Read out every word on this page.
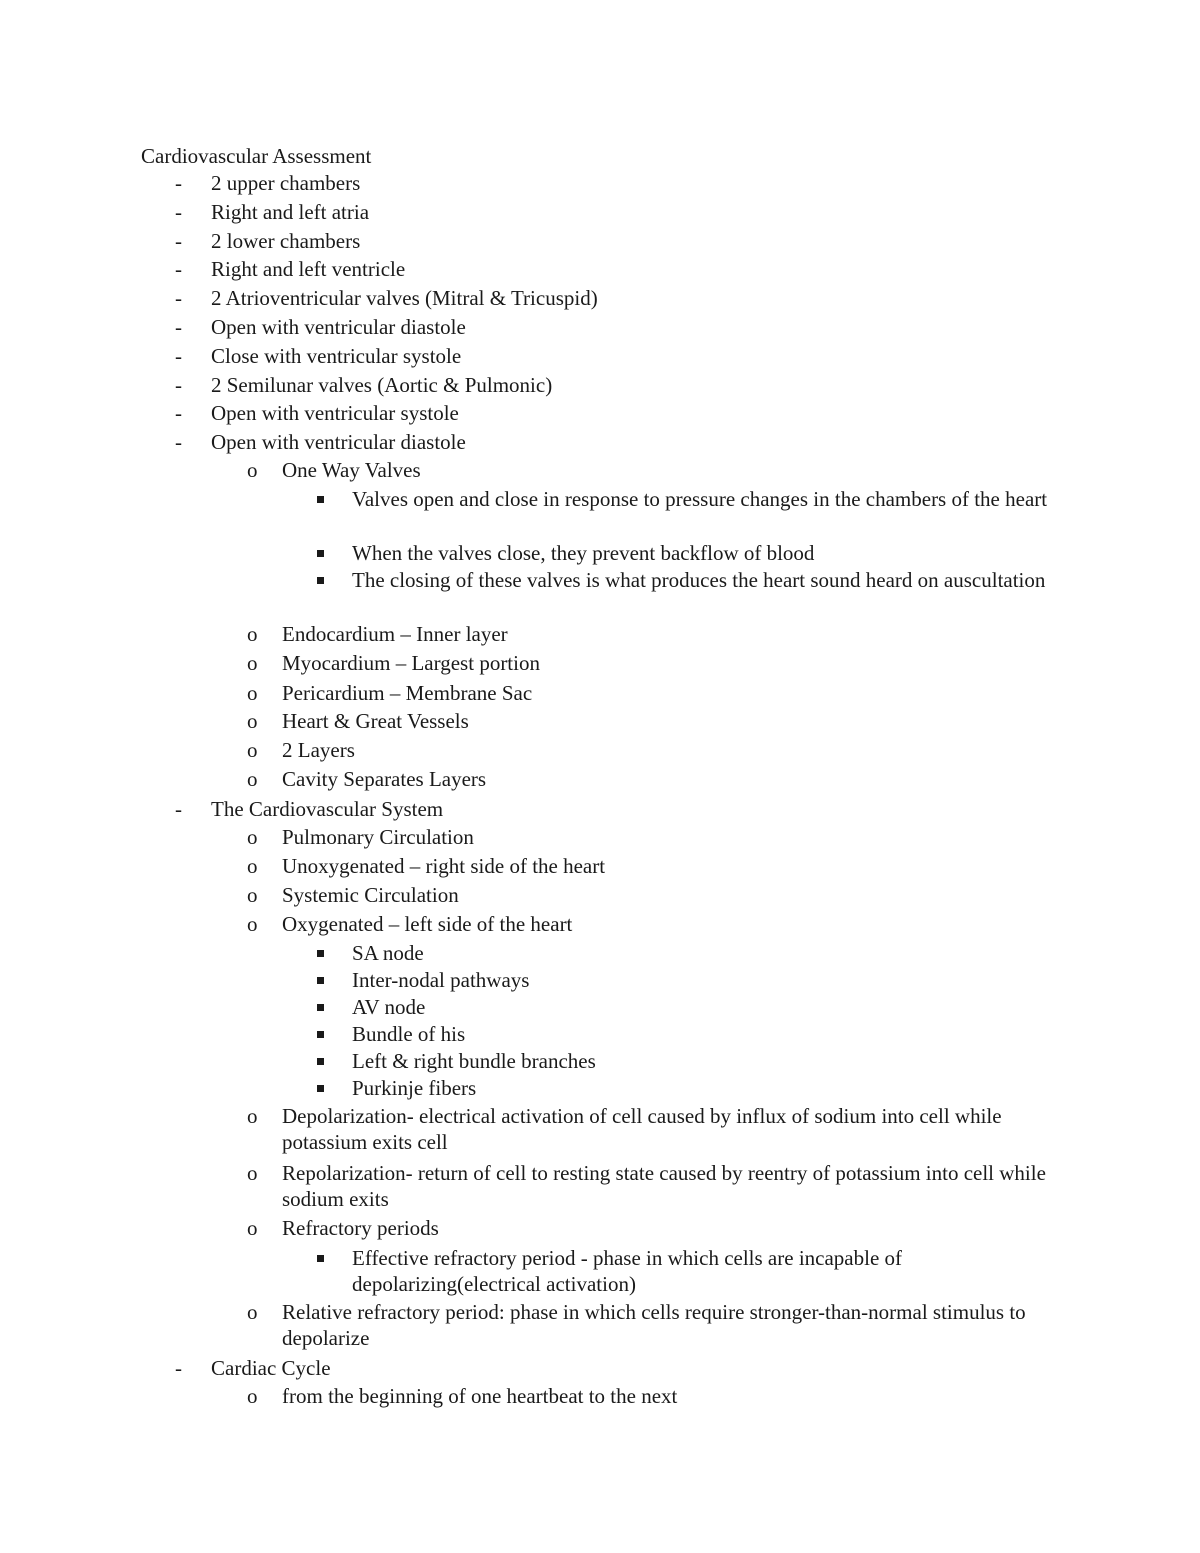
Cardiovascular Assessment
- 2 upper chambers
- Right and left atria
- 2 lower chambers
- Right and left ventricle
- 2 Atrioventricular valves (Mitral & Tricuspid)
- Open with ventricular diastole
- Close with ventricular systole
- 2 Semilunar valves (Aortic & Pulmonic)
- Open with ventricular systole
- Open with ventricular diastole
o One Way Valves
Valves open and close in response to pressure changes in the chambers of the heart
When the valves close, they prevent backflow of blood
The closing of these valves is what produces the heart sound heard on auscultation
o Endocardium – Inner layer
o Myocardium – Largest portion
o Pericardium – Membrane Sac
o Heart & Great Vessels
o 2 Layers
o Cavity Separates Layers
- The Cardiovascular System
o Pulmonary Circulation
o Unoxygenated – right side of the heart
o Systemic Circulation
o Oxygenated – left side of the heart
SA node
Inter-nodal pathways
AV node
Bundle of his
Left & right bundle branches
Purkinje fibers
o Depolarization- electrical activation of cell caused by influx of sodium into cell while potassium exits cell
o Repolarization- return of cell to resting state caused by reentry of potassium into cell while sodium exits
o Refractory periods
Effective refractory period - phase in which cells are incapable of depolarizing(electrical activation)
o Relative refractory period: phase in which cells require stronger-than-normal stimulus to depolarize
- Cardiac Cycle
o from the beginning of one heartbeat to the next
